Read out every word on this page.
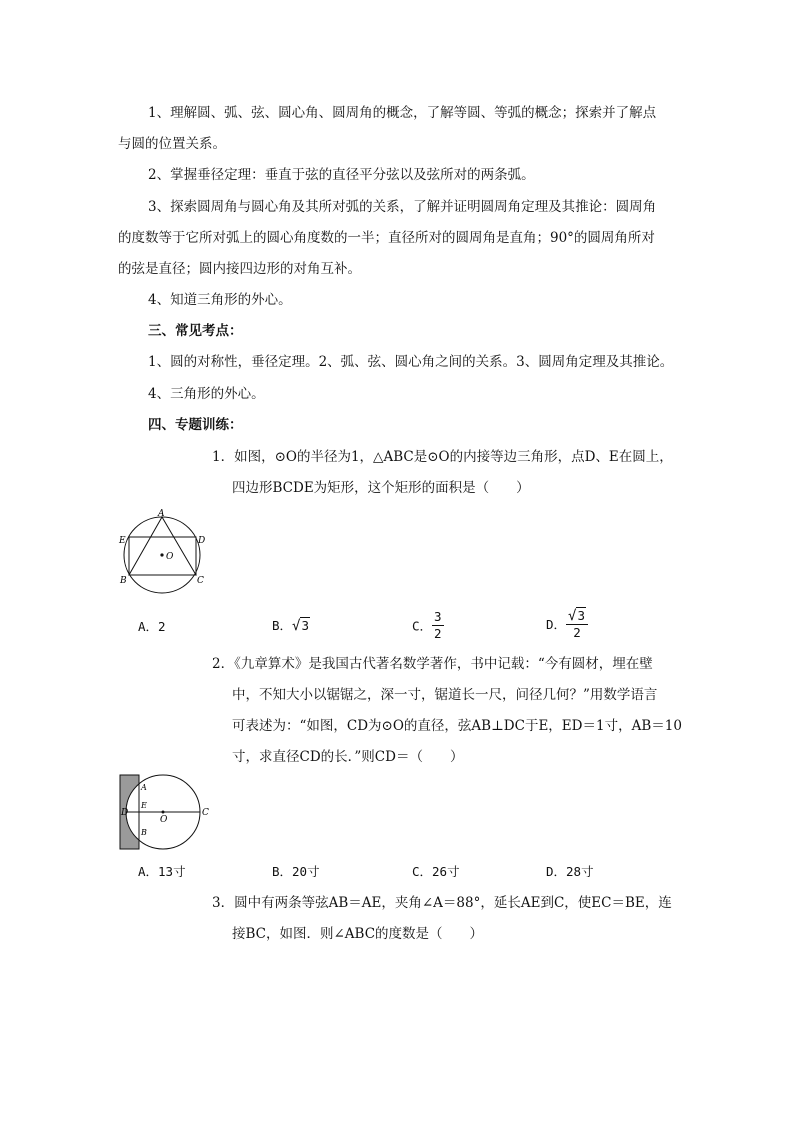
1、理解圆、弧、弦、圆心角、圆周角的概念，了解等圆、等弧的概念；探索并了解点
与圆的位置关系。
2、掌握垂径定理：垂直于弦的直径平分弦以及弦所对的两条弧。
3、探索圆周角与圆心角及其所对弧的关系，了解并证明圆周角定理及其推论：圆周角
的度数等于它所对弧上的圆心角度数的一半；直径所对的圆周角是直角；90°的圆周角所对
的弦是直径；圆内接四边形的对角互补。
4、知道三角形的外心。
三、常见考点：
1、圆的对称性，垂径定理。2、弧、弦、圆心角之间的关系。3、圆周角定理及其推论。
4、三角形的外心。
四、专题训练：
1．如图，⊙O的半径为1，△ABC是⊙O的内接等边三角形，点D、E在圆上，
四边形BCDE为矩形，这个矩形的面积是（　　）
A
E	D
O
B	C
A．2	B．√3	C． $\frac{3}{2}$	D． $\frac{√3}{2}$
2．《九章算术》是我国古代著名数学著作，书中记载：“今有圆材，埋在壁
中，不知大小以锯锯之，深一寸，锯道长一尺，问径几何？”用数学语言
可表述为：“如图，CD为⊙O的直径，弦AB⊥DC于E，ED＝1寸，AB＝10
寸，求直径CD的长．”则CD＝（　　）
A
E
D
O
C
B
A．13寸	B．20寸	C．26寸	D．28寸
3．圆中有两条等弦AB＝AE，夹角∠A＝88°，延长AE到C，使EC＝BE，连
接BC，如图．则∠ABC的度数是（　　）
